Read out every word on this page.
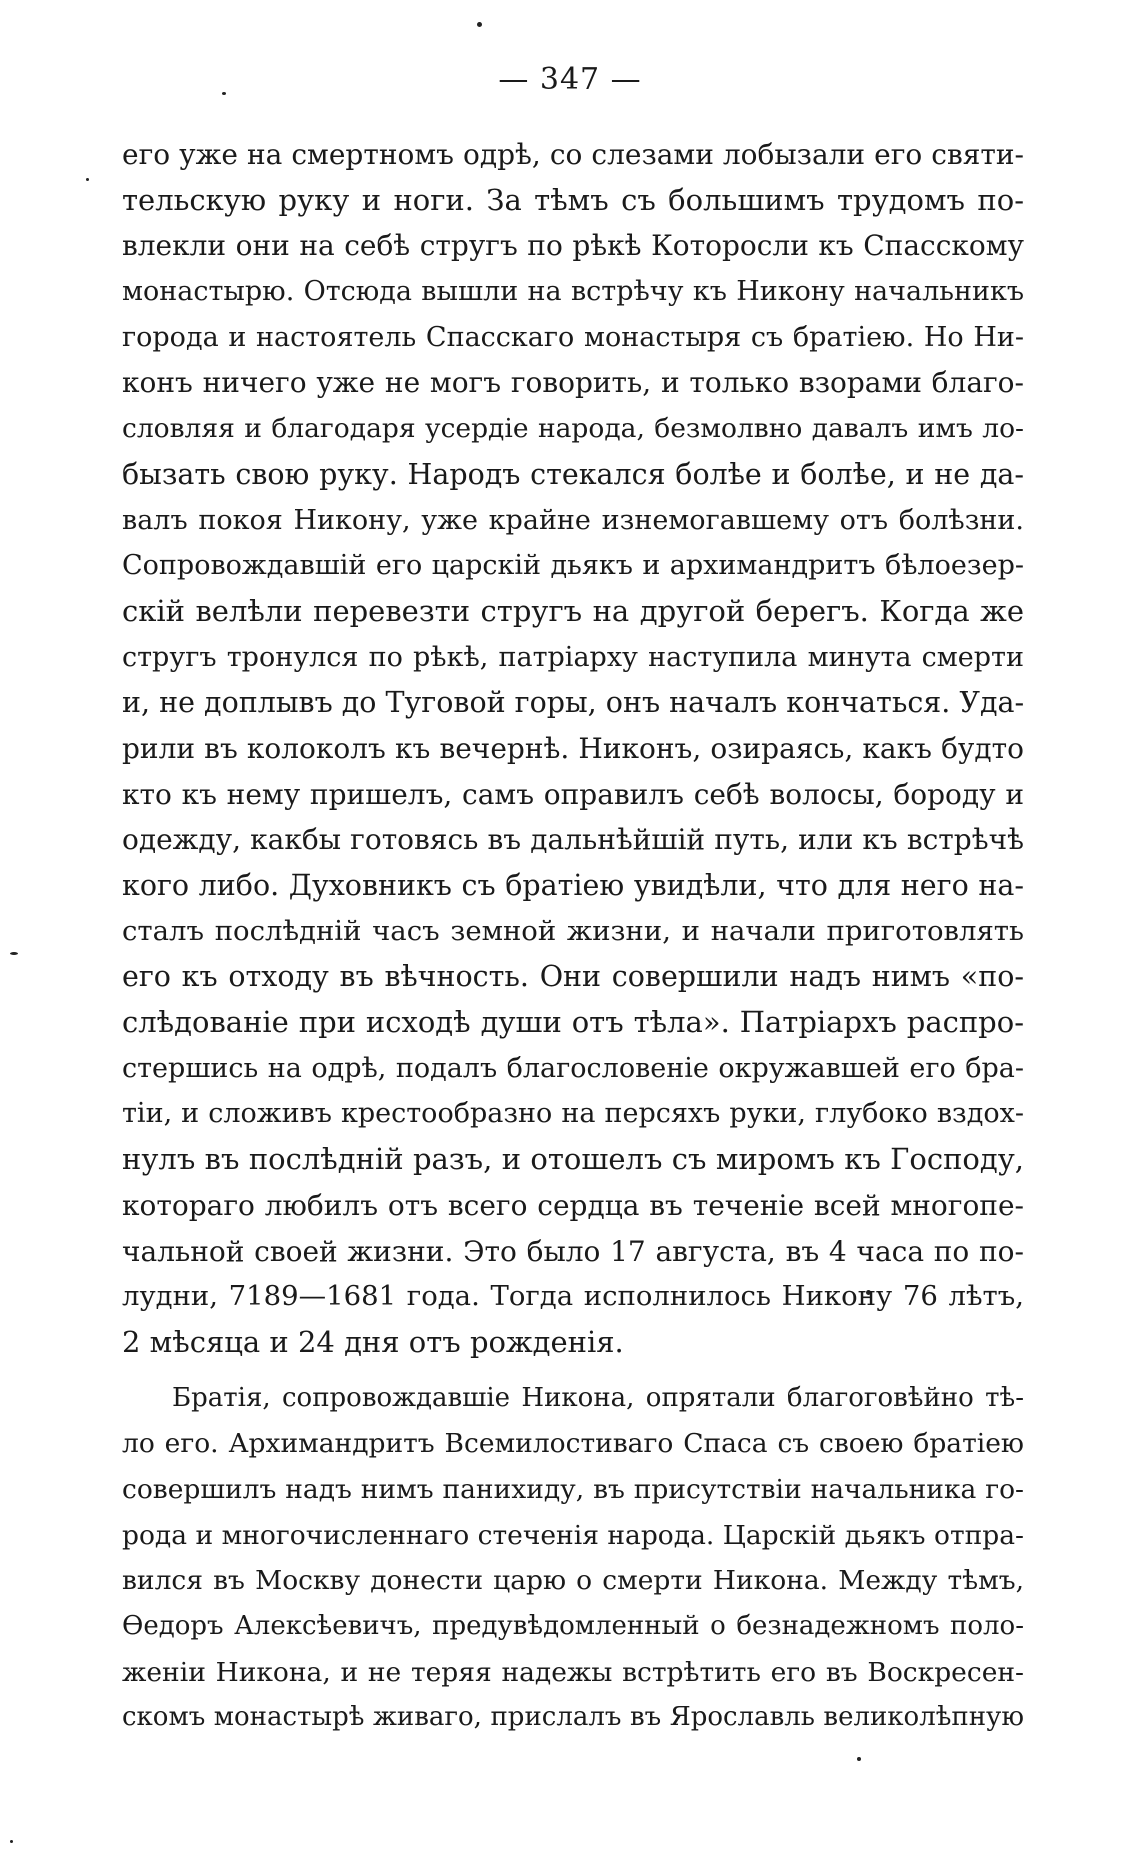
— 347 —
его уже на смертномъ одрѣ, со слезами лобызали его святи-
тельскую руку и ноги. За тѣмъ съ большимъ трудомъ по-
влекли они на себѣ стругъ по рѣкѣ Которосли къ Спасскому
монастырю. Отсюда вышли на встрѣчу къ Никону начальникъ
города и настоятель Спасскаго монастыря съ братіею. Но Ни-
конъ ничего уже не могъ говорить, и только взорами благо-
словляя и благодаря усердіе народа, безмолвно давалъ имъ ло-
бызать свою руку. Народъ стекался болѣе и болѣе, и не да-
валъ покоя Никону, уже крайне изнемогавшему отъ болѣзни.
Сопровождавшій его царскій дьякъ и архимандритъ бѣлоезер-
скій велѣли перевезти стругъ на другой берегъ. Когда же
стругъ тронулся по рѣкѣ, патріарху наступила минута смерти
и, не доплывъ до Туговой горы, онъ началъ кончаться. Уда-
рили въ колоколъ къ вечернѣ. Никонъ, озираясь, какъ будто
кто къ нему пришелъ, самъ оправилъ себѣ волосы, бороду и
одежду, какбы готовясь въ дальнѣйшій путь, или къ встрѣчѣ
кого либо. Духовникъ съ братіею увидѣли, что для него на-
сталъ послѣдній часъ земной жизни, и начали приготовлять
его къ отходу въ вѣчность. Они совершили надъ нимъ «по-
слѣдованіе при исходѣ души отъ тѣла». Патріархъ распро-
стершись на одрѣ, подалъ благословеніе окружавшей его бра-
тіи, и сложивъ крестообразно на персяхъ руки, глубоко вздох-
нулъ въ послѣдній разъ, и отошелъ съ миромъ къ Господу,
котораго любилъ отъ всего сердца въ теченіе всей многопе-
чальной своей жизни. Это было 17 августа, въ 4 часа по по-
лудни, 7189—1681 года. Тогда исполнилось Никону 76 лѣтъ,
2 мѣсяца и 24 дня отъ рожденія.
Братія, сопровождавшіе Никона, опрятали благоговѣйно тѣ-
ло его. Архимандритъ Всемилостиваго Спаса съ своею братіею
совершилъ надъ нимъ панихиду, въ присутствіи начальника го-
рода и многочисленнаго стеченія народа. Царскій дьякъ отпра-
вился въ Москву донести царю о смерти Никона. Между тѣмъ,
Ѳедоръ Алексѣевичъ, предувѣдомленный о безнадежномъ поло-
женіи Никона, и не теряя надежы встрѣтить его въ Воскресен-
скомъ монастырѣ живаго, прислалъ въ Ярославль великолѣпную
